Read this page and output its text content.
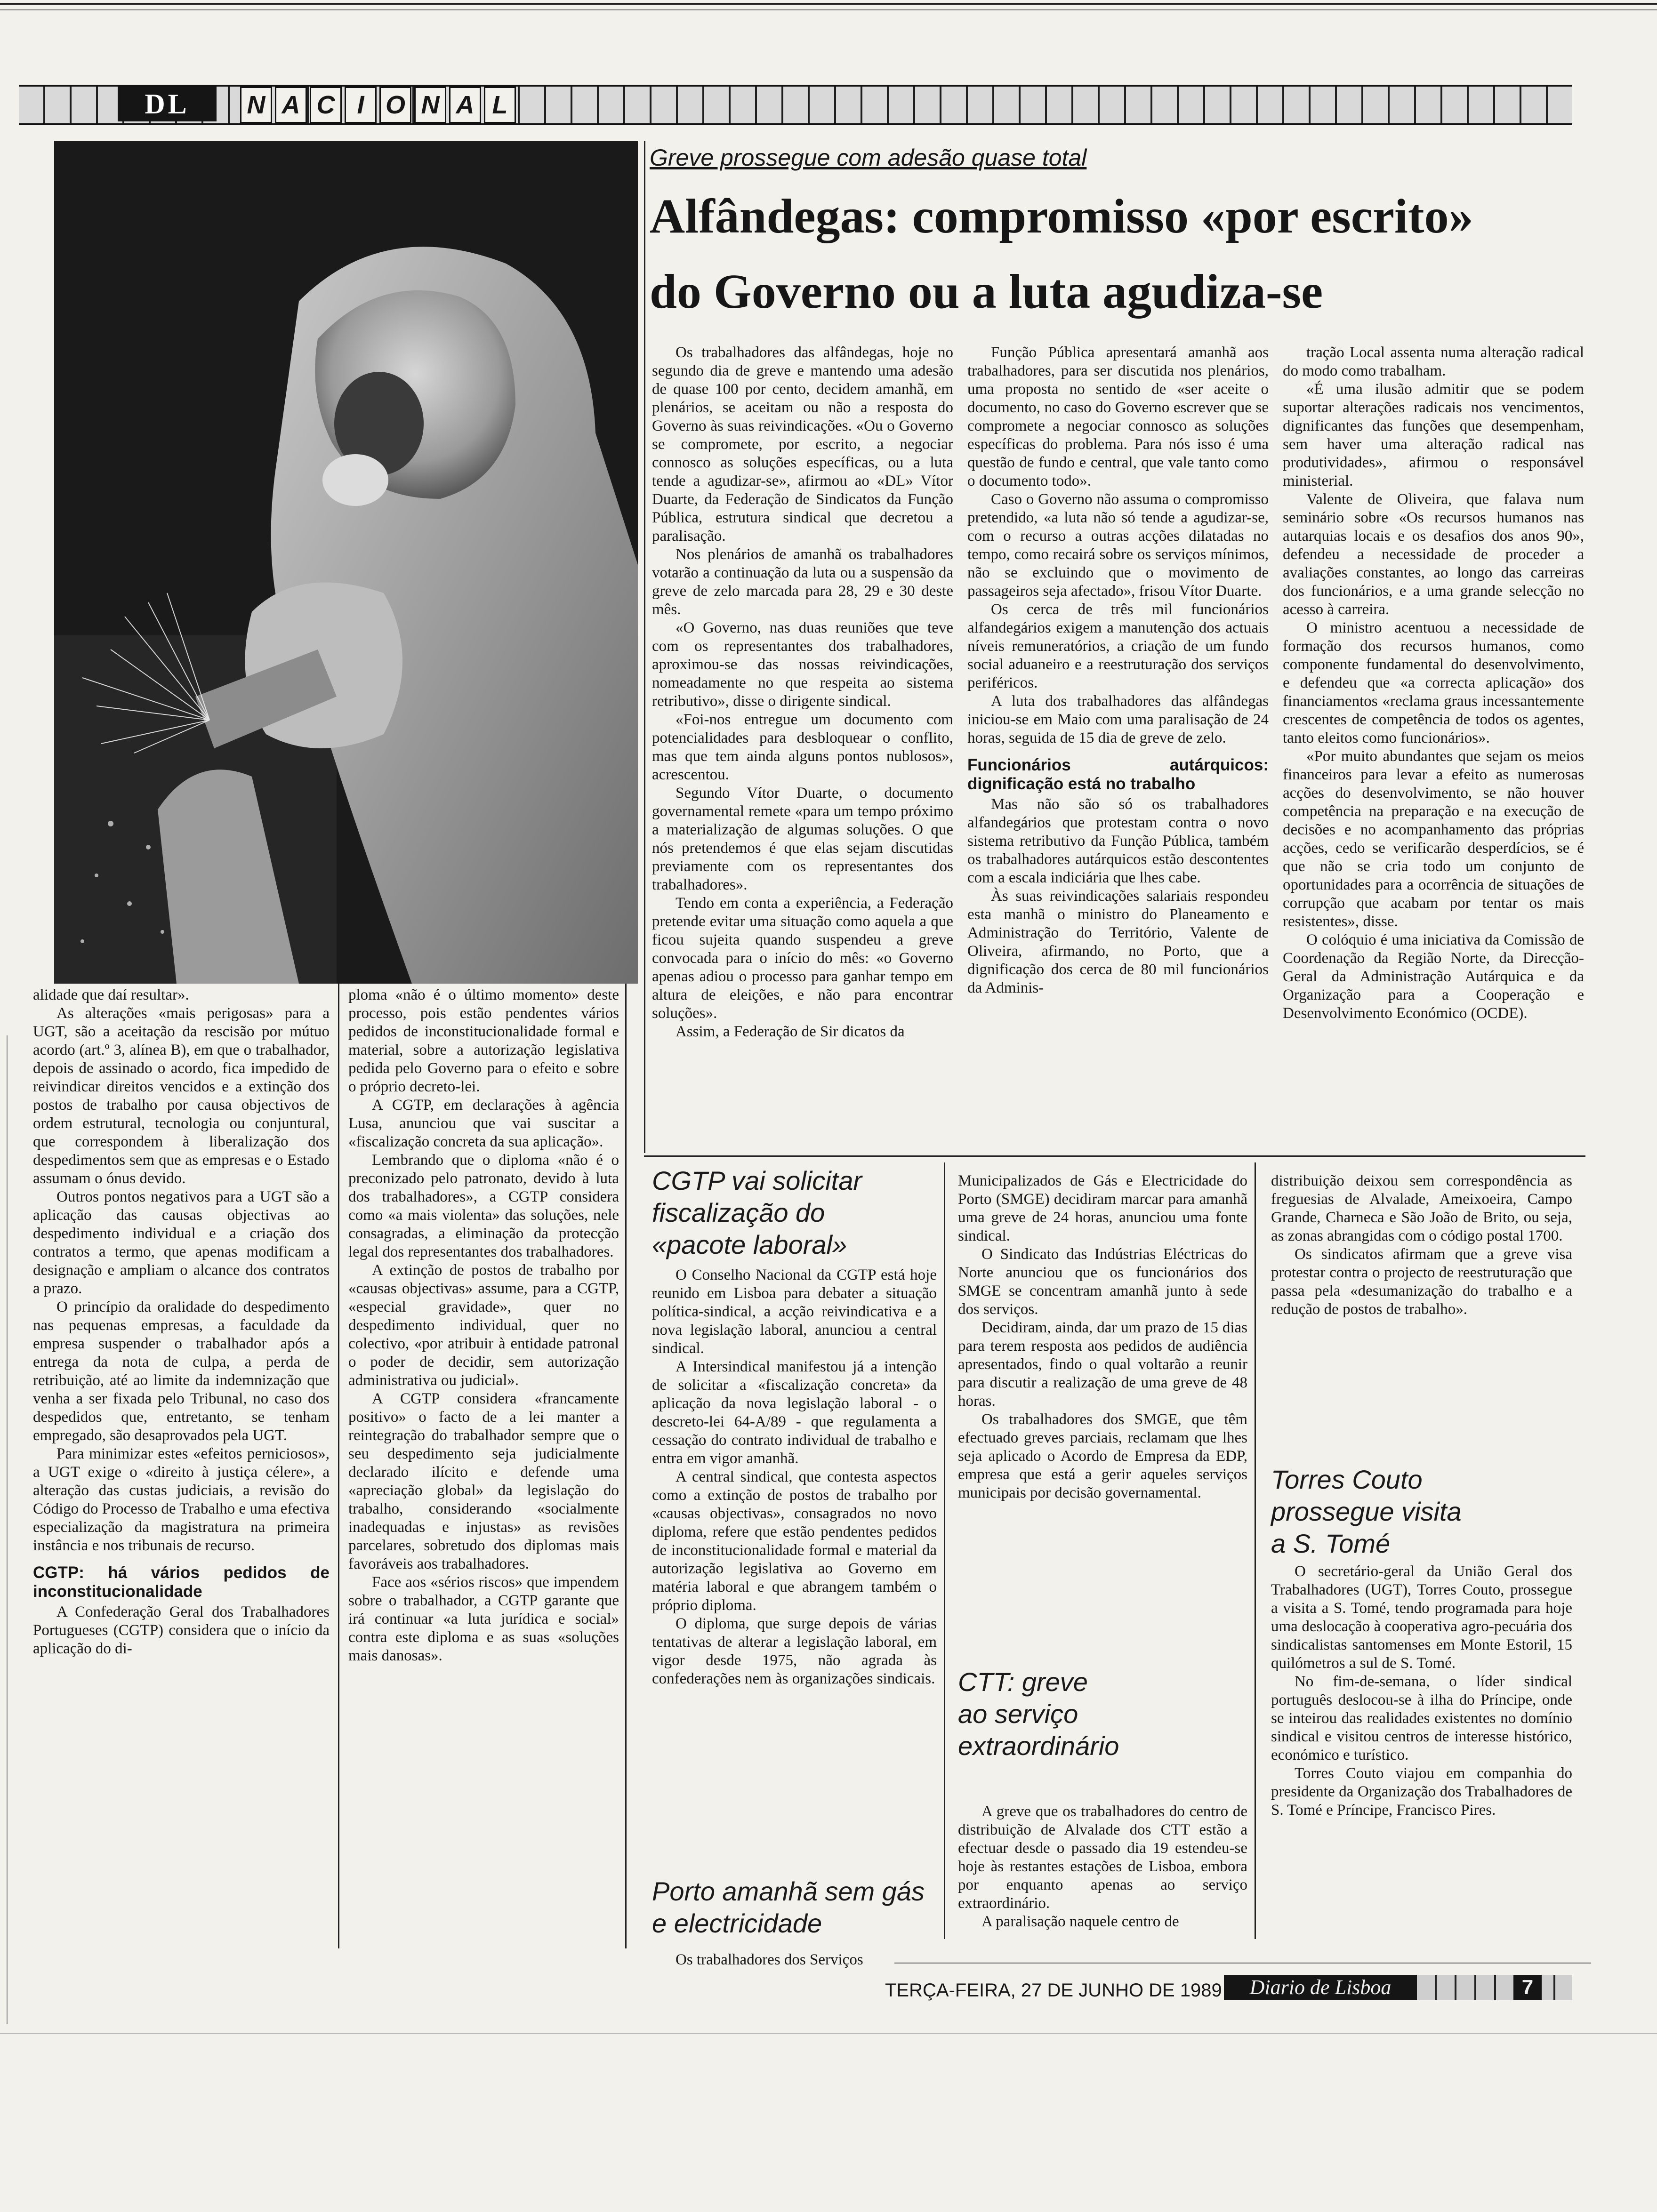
DL	N A C I O N A L
Greve prossegue com adesão quase total
Alfândegas: compromisso «por escrito»
do Governo ou a luta agudiza-se

Os trabalhadores das alfândegas, hoje no segundo dia de greve e mantendo uma adesão de quase 100 por cento, decidem amanhã, em plenários, se aceitam ou não a resposta do Governo às suas reivindicações. «Ou o Governo se compromete, por escrito, a negociar connosco as soluções específicas, ou a luta tende a agudizar-se», afirmou ao «DL» Vítor Duarte, da Federação de Sindicatos da Função Pública, estrutura sindical que decretou a paralisação.

Nos plenários de amanhã os trabalhadores votarão a continuação da luta ou a suspensão da greve de zelo marcada para 28, 29 e 30 deste mês.

«O Governo, nas duas reuniões que teve com os representantes dos trabalhadores, aproximou-se das nossas reivindicações, nomeadamente no que respeita ao sistema retributivo», disse o dirigente sindical.

«Foi-nos entregue um documento com potencialidades para desbloquear o conflito, mas que tem ainda alguns pontos nublosos», acrescentou.

Segundo Vítor Duarte, o documento governamental remete «para um tempo próximo a materialização de algumas soluções. O que nós pretendemos é que elas sejam discutidas previamente com os representantes dos trabalhadores».

Tendo em conta a experiência, a Federação pretende evitar uma situação como aquela a que ficou sujeita quando suspendeu a greve convocada para o início do mês: «o Governo apenas adiou o processo para ganhar tempo em altura de eleições, e não para encontrar soluções».

Assim, a Federação de Sir dicatos da

Função Pública apresentará amanhã aos trabalhadores, para ser discutida nos plenários, uma proposta no sentido de «ser aceite o documento, no caso do Governo escrever que se compromete a negociar connosco as soluções específicas do problema. Para nós isso é uma questão de fundo e central, que vale tanto como o documento todo».

Caso o Governo não assuma o compromisso pretendido, «a luta não só tende a agudizar-se, com o recurso a outras acções dilatadas no tempo, como recairá sobre os serviços mínimos, não se excluindo que o movimento de passageiros seja afectado», frisou Vítor Duarte.

Os cerca de três mil funcionários alfandegários exigem a manutenção dos actuais níveis remuneratórios, a criação de um fundo social aduaneiro e a reestruturação dos serviços periféricos.

A luta dos trabalhadores das alfândegas iniciou-se em Maio com uma paralisação de 24 horas, seguida de 15 dia de greve de zelo.

Funcionários autárquicos: dignificação está no trabalho

Mas não são só os trabalhadores alfandegários que protestam contra o novo sistema retributivo da Função Pública, também os trabalhadores autárquicos estão descontentes com a escala indiciária que lhes cabe.

Às suas reivindicações salariais respondeu esta manhã o ministro do Planeamento e Administração do Território, Valente de Oliveira, afirmando, no Porto, que a dignificação dos cerca de 80 mil funcionários da Adminis-

tração Local assenta numa alteração radical do modo como trabalham.

«É uma ilusão admitir que se podem suportar alterações radicais nos vencimentos, dignificantes das funções que desempenham, sem haver uma alteração radical nas produtividades», afirmou o responsável ministerial.

Valente de Oliveira, que falava num seminário sobre «Os recursos humanos nas autarquias locais e os desafios dos anos 90», defendeu a necessidade de proceder a avaliações constantes, ao longo das carreiras dos funcionários, e a uma grande selecção no acesso à carreira.

O ministro acentuou a necessidade de formação dos recursos humanos, como componente fundamental do desenvolvimento, e defendeu que «a correcta aplicação» dos financiamentos «reclama graus incessantemente crescentes de competência de todos os agentes, tanto eleitos como funcionários».

«Por muito abundantes que sejam os meios financeiros para levar a efeito as numerosas acções do desenvolvimento, se não houver competência na preparação e na execução de decisões e no acompanhamento das próprias acções, cedo se verificarão desperdícios, se é que não se cria todo um conjunto de oportunidades para a ocorrência de situações de corrupção que acabam por tentar os mais resistentes», disse.

O colóquio é uma iniciativa da Comissão de Coordenação da Região Norte, da Direcção-Geral da Administração Autárquica e da Organização para a Cooperação e Desenvolvimento Económico (OCDE).

alidade que daí resultar».

As alterações «mais perigosas» para a UGT, são a aceitação da rescisão por mútuo acordo (art.º 3, alínea B), em que o trabalhador, depois de assinado o acordo, fica impedido de reivindicar direitos vencidos e a extinção dos postos de trabalho por causa objectivos de ordem estrutural, tecnologia ou conjuntural, que correspondem à liberalização dos despedimentos sem que as empresas e o Estado assumam o ónus devido.

Outros pontos negativos para a UGT são a aplicação das causas objectivas ao despedimento individual e a criação dos contratos a termo, que apenas modificam a designação e ampliam o alcance dos contratos a prazo.

O princípio da oralidade do despedimento nas pequenas empresas, a faculdade da empresa suspender o trabalhador após a entrega da nota de culpa, a perda de retribuição, até ao limite da indemnização que venha a ser fixada pelo Tribunal, no caso dos despedidos que, entretanto, se tenham empregado, são desaprovados pela UGT.

Para minimizar estes «efeitos perniciosos», a UGT exige o «direito à justiça célere», a alteração das custas judiciais, a revisão do Código do Processo de Trabalho e uma efectiva especialização da magistratura na primeira instância e nos tribunais de recurso.

CGTP: há vários pedidos de inconstitucionalidade

A Confederação Geral dos Trabalhadores Portugueses (CGTP) considera que o início da aplicação do di-

ploma «não é o último momento» deste processo, pois estão pendentes vários pedidos de inconstitucionalidade formal e material, sobre a autorização legislativa pedida pelo Governo para o efeito e sobre o próprio decreto-lei.

A CGTP, em declarações à agência Lusa, anunciou que vai suscitar a «fiscalização concreta da sua aplicação».

Lembrando que o diploma «não é o preconizado pelo patronato, devido à luta dos trabalhadores», a CGTP considera como «a mais violenta» das soluções, nele consagradas, a eliminação da protecção legal dos representantes dos trabalhadores.

A extinção de postos de trabalho por «causas objectivas» assume, para a CGTP, «especial gravidade», quer no despedimento individual, quer no colectivo, «por atribuir à entidade patronal o poder de decidir, sem autorização administrativa ou judicial».

A CGTP considera «francamente positivo» o facto de a lei manter a reintegração do trabalhador sempre que o seu despedimento seja judicialmente declarado ilícito e defende uma «apreciação global» da legislação do trabalho, considerando «socialmente inadequadas e injustas» as revisões parcelares, sobretudo dos diplomas mais favoráveis aos trabalhadores.

Face aos «sérios riscos» que impendem sobre o trabalhador, a CGTP garante que irá continuar «a luta jurídica e social» contra este diploma e as suas «soluções mais danosas».

CGTP vai solicitar fiscalização do «pacote laboral»

O Conselho Nacional da CGTP está hoje reunido em Lisboa para debater a situação política-sindical, a acção reivindicativa e a nova legislação laboral, anunciou a central sindical.

A Intersindical manifestou já a intenção de solicitar a «fiscalização concreta» da aplicação da nova legislação laboral - o descreto-lei 64-A/89 - que regulamenta a cessação do contrato individual de trabalho e entra em vigor amanhã.

A central sindical, que contesta aspectos como a extinção de postos de trabalho por «causas objectivas», consagrados no novo diploma, refere que estão pendentes pedidos de inconstitucionalidade formal e material da autorização legislativa ao Governo em matéria laboral e que abrangem também o próprio diploma.

O diploma, que surge depois de várias tentativas de alterar a legislação laboral, em vigor desde 1975, não agrada às confederações nem às organizações sindicais.

Porto amanhã sem gás e electricidade

Os trabalhadores dos Serviços

Municipalizados de Gás e Electricidade do Porto (SMGE) decidiram marcar para amanhã uma greve de 24 horas, anunciou uma fonte sindical.

O Sindicato das Indústrias Eléctricas do Norte anunciou que os funcionários dos SMGE se concentram amanhã junto à sede dos serviços.

Decidiram, ainda, dar um prazo de 15 dias para terem resposta aos pedidos de audiência apresentados, findo o qual voltarão a reunir para discutir a realização de uma greve de 48 horas.

Os trabalhadores dos SMGE, que têm efectuado greves parciais, reclamam que lhes seja aplicado o Acordo de Empresa da EDP, empresa que está a gerir aqueles serviços municipais por decisão governamental.

CTT: greve ao serviço extraordinário

A greve que os trabalhadores do centro de distribuição de Alvalade dos CTT estão a efectuar desde o passado dia 19 estendeu-se hoje às restantes estações de Lisboa, embora por enquanto apenas ao serviço extraordinário.

A paralisação naquele centro de

distribuição deixou sem correspondência as freguesias de Alvalade, Ameixoeira, Campo Grande, Charneca e São João de Brito, ou seja, as zonas abrangidas com o código postal 1700.

Os sindicatos afirmam que a greve visa protestar contra o projecto de reestruturação que passa pela «desumanização do trabalho e a redução de postos de trabalho».

Torres Couto prossegue visita a S. Tomé

O secretário-geral da União Geral dos Trabalhadores (UGT), Torres Couto, prossegue a visita a S. Tomé, tendo programada para hoje uma deslocação à cooperativa agro-pecuária dos sindicalistas santomenses em Monte Estoril, 15 quilómetros a sul de S. Tomé.

No fim-de-semana, o líder sindical português deslocou-se à ilha do Príncipe, onde se inteirou das realidades existentes no domínio sindical e visitou centros de interesse histórico, económico e turístico.

Torres Couto viajou em companhia do presidente da Organização dos Trabalhadores de S. Tomé e Príncipe, Francisco Pires.

TERÇA-FEIRA, 27 DE JUNHO DE 1989	Diario de Lisboa	7
